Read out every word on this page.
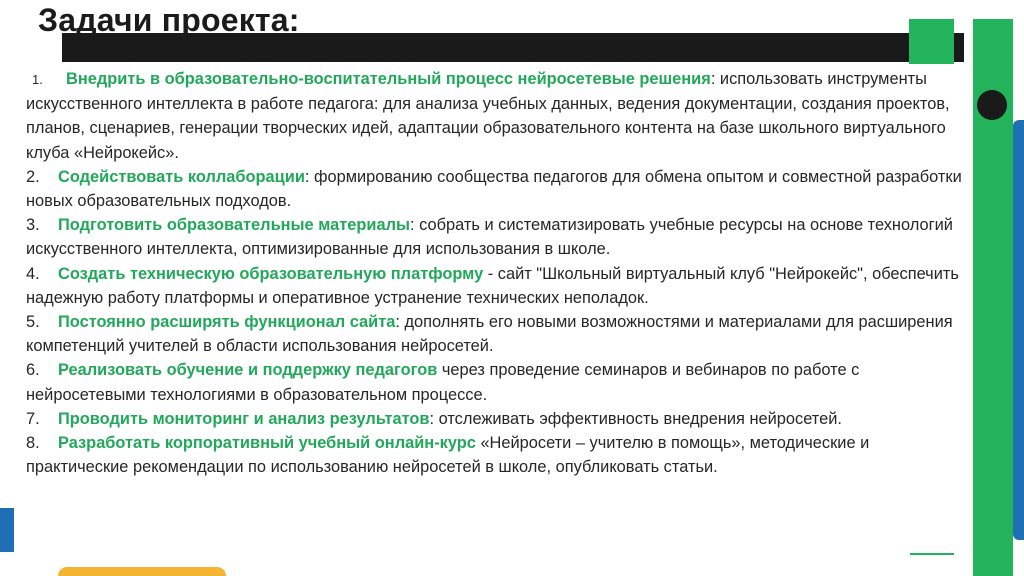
Задачи проекта:

1. Внедрить в образовательно-воспитательный процесс нейросетевые решения: использовать инструменты искусственного интеллекта в работе педагога: для анализа учебных данных, ведения документации, создания проектов, планов, сценариев, генерации творческих идей, адаптации образовательного контента на базе школьного виртуального клуба «Нейрокейс».

2. Содействовать коллаборации: формированию сообщества педагогов для обмена опытом и совместной разработки новых образовательных подходов.

3. Подготовить образовательные материалы: собрать и систематизировать учебные ресурсы на основе технологий искусственного интеллекта, оптимизированные для использования в школе.

4. Создать техническую образовательную платформу - сайт "Школьный виртуальный клуб "Нейрокейс", обеспечить надежную работу платформы и оперативное устранение технических неполадок.

5. Постоянно расширять функционал сайта: дополнять его новыми возможностями и материалами для расширения компетенций учителей в области использования нейросетей.

6. Реализовать обучение и поддержку педагогов через проведение семинаров и вебинаров по работе с нейросетевыми технологиями в образовательном процессе.

7. Проводить мониторинг и анализ результатов: отслеживать эффективность внедрения нейросетей.

8. Разработать корпоративный учебный онлайн-курс «Нейросети – учителю в помощь», методические и практические рекомендации по использованию нейросетей в школе, опубликовать статьи.
